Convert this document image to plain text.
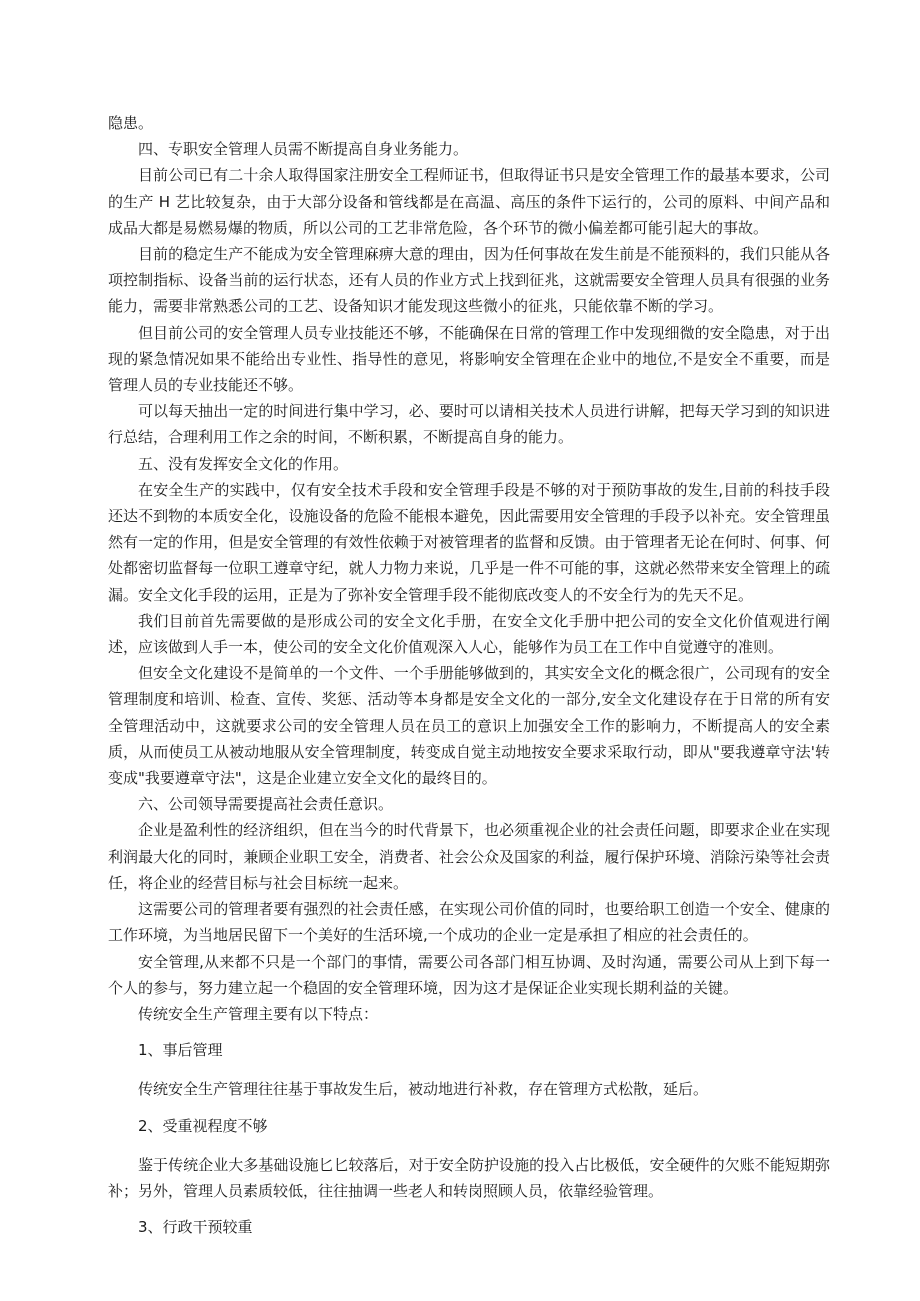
隐患。

四、专职安全管理人员需不断提高自身业务能力。

目前公司已有二十余人取得国家注册安全工程师证书，但取得证书只是安全管理工作的最基本要求，公司的生产 H 艺比较复杂，由于大部分设备和管线都是在高温、高压的条件下运行的，公司的原料、中间产品和成品大都是易燃易爆的物质，所以公司的工艺非常危险，各个环节的微小偏差都可能引起大的事故。

目前的稳定生产不能成为安全管理麻痹大意的理由，因为任何事故在发生前是不能预料的，我们只能从各项控制指标、设备当前的运行状态，还有人员的作业方式上找到征兆，这就需要安全管理人员具有很强的业务能力，需要非常熟悉公司的工艺、设备知识才能发现这些微小的征兆，只能依靠不断的学习。

但目前公司的安全管理人员专业技能还不够，不能确保在日常的管理工作中发现细微的安全隐患，对于出现的紧急情况如果不能给出专业性、指导性的意见，将影响安全管理在企业中的地位,不是安全不重要，而是管理人员的专业技能还不够。

可以每天抽出一定的时间进行集中学习，必、要时可以请相关技术人员进行讲解，把每天学习到的知识进行总结，合理利用工作之余的时间，不断积累，不断提高自身的能力。

五、没有发挥安全文化的作用。

在安全生产的实践中，仅有安全技术手段和安全管理手段是不够的对于预防事故的发生,目前的科技手段还达不到物的本质安全化，设施设备的危险不能根本避免，因此需要用安全管理的手段予以补充。安全管理虽然有一定的作用，但是安全管理的有效性依赖于对被管理者的监督和反馈。由于管理者无论在何时、何事、何处都密切监督每一位职工遵章守纪，就人力物力来说，几乎是一件不可能的事，这就必然带来安全管理上的疏漏。安全文化手段的运用，正是为了弥补安全管理手段不能彻底改变人的不安全行为的先天不足。

我们目前首先需要做的是形成公司的安全文化手册，在安全文化手册中把公司的安全文化价值观进行阐述，应该做到人手一本，使公司的安全文化价值观深入人心，能够作为员工在工作中自觉遵守的准则。

但安全文化建设不是简单的一个文件、一个手册能够做到的，其实安全文化的概念很广，公司现有的安全管理制度和培训、检查、宣传、奖惩、活动等本身都是安全文化的一部分,安全文化建设存在于日常的所有安全管理活动中，这就要求公司的安全管理人员在员工的意识上加强安全工作的影响力，不断提高人的安全素质，从而使员工从被动地服从安全管理制度，转变成自觉主动地按安全要求采取行动，即从"要我遵章守法'转变成"我要遵章守法"，这是企业建立安全文化的最终目的。

六、公司领导需要提高社会责任意识。

企业是盈利性的经济组织，但在当今的时代背景下，也必须重视企业的社会责任问题，即要求企业在实现利润最大化的同时，兼顾企业职工安全，消费者、社会公众及国家的利益，履行保护环境、消除污染等社会责任，将企业的经营目标与社会目标统一起来。

这需要公司的管理者要有强烈的社会责任感，在实现公司价值的同时，也要给职工创造一个安全、健康的工作环境，为当地居民留下一个美好的生活环境,一个成功的企业一定是承担了相应的社会责任的。

安全管理,从来都不只是一个部门的事情，需要公司各部门相互协调、及时沟通，需要公司从上到下每一个人的参与，努力建立起一个稳固的安全管理环境，因为这才是保证企业实现长期利益的关键。

传统安全生产管理主要有以下特点：

1、事后管理

传统安全生产管理往往基于事故发生后，被动地进行补救，存在管理方式松散，延后。

2、受重视程度不够

鉴于传统企业大多基础设施匕匕较落后，对于安全防护设施的投入占比极低，安全硬件的欠账不能短期弥补；另外，管理人员素质较低，往往抽调一些老人和转岗照顾人员，依靠经验管理。

3、行政干预较重
